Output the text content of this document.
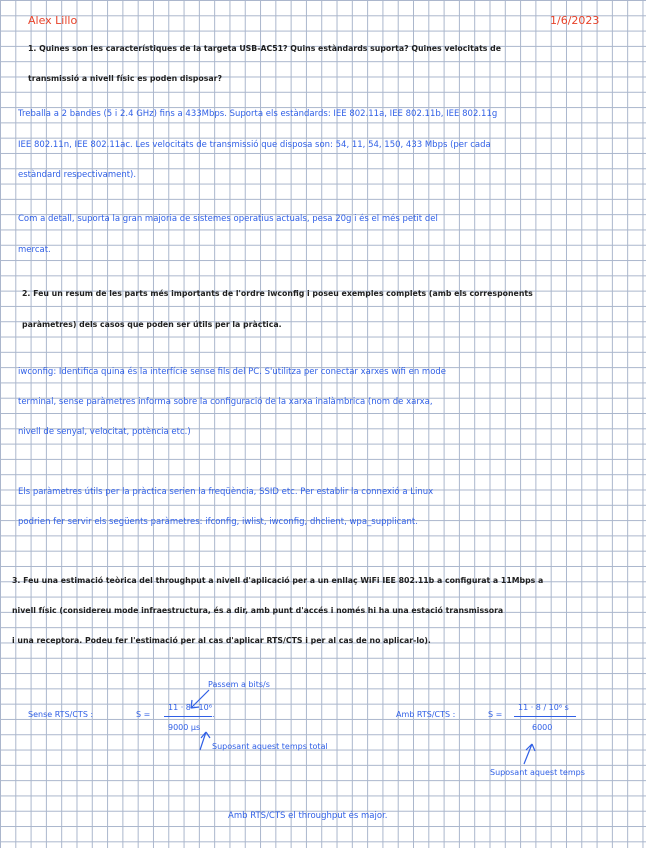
Alex Lillo	1/6/2023
1. Quines son les característiques de la targeta USB-AC51? Quins estàndards suporta? Quines velocitats de
transmissió a nivell físic es poden disposar?
Treballa a 2 bandes (5 i 2.4 GHz) fins a 433Mbps. Suporta els estàndards: IEE 802.11a, IEE 802.11b, IEE 802.11g
IEE 802.11n, IEE 802.11ac. Les velocitats de transmissió que disposa son: 54, 11, 54, 150, 433 Mbps (per cada
estàndard respectivament).
Com a detall, suporta la gran majoria de sistemes operatius actuals, pesa 20g i és el més petit del
mercat.
2. Feu un resum de les parts més importants de l'ordre iwconfig i poseu exemples complets (amb els corresponents
paràmetres) dels casos que poden ser útils per la pràctica.
iwconfig: Identifica quina és la interfície sense fils del PC. S'utilitza per conectar xarxes wifi en mode
terminal, sense paràmetres informa sobre la configuració de la xarxa inalàmbrica (nom de xarxa,
nivell de senyal, velocitat, potència etc.)
Els paràmetres útils per la pràctica serien la freqüència, SSID etc. Per establir la connexió a Linux
podrien fer servir els següents paràmetres: ifconfig, iwlist, iwconfig, dhclient, wpa_supplicant.
3. Feu una estimació teòrica del throughput a nivell d'aplicació per a un enllaç WiFi IEE 802.11b a configurat a 11Mbps a
nivell físic (considereu mode infraestructura, és a dir, amb punt d'accés i només hi ha una estació transmissora
i una receptora. Podeu fer l'estimació per al cas d'aplicar RTS/CTS i per al cas de no aplicar-lo).
Passem a bits/s
Sense RTS/CTS :	S =
11 · 8 · 10⁶
.
9000 µs
Suposant aquest temps total
Amb RTS/CTS :	S =
11 · 8 / 10⁶ s
6000
Suposant aquest temps
Amb RTS/CTS el throughput és major.
